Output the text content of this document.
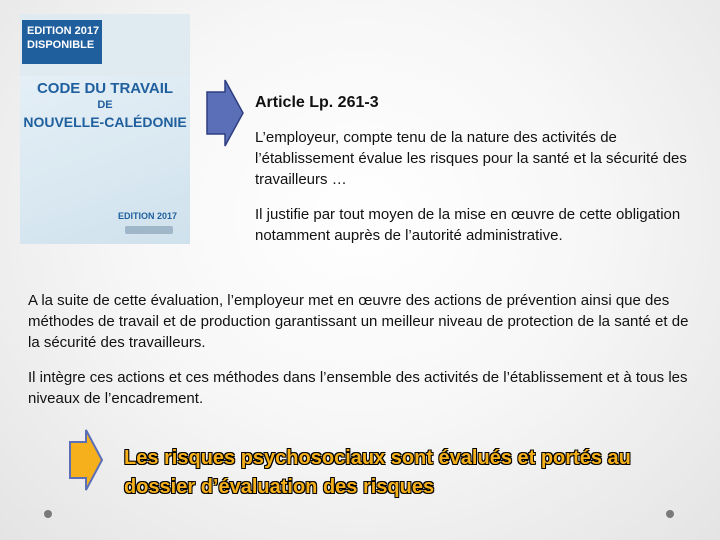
EDITION 2017
DISPONIBLE
CODE DU TRAVAIL
DE
NOUVELLE-CALÉDONIE
EDITION 2017
Article Lp. 261-3

L’employeur, compte tenu de la nature des activités de l’établissement évalue les risques pour la santé et la sécurité des travailleurs …

Il justifie par tout moyen de la mise en œuvre de cette obligation notamment auprès de l’autorité administrative.

A la suite de cette évaluation, l’employeur met en œuvre des actions de prévention ainsi que des méthodes de travail et de production garantissant un meilleur niveau de protection de la santé et de la sécurité des travailleurs.

Il intègre ces actions et ces méthodes dans l’ensemble des activités de l’établissement et à tous les niveaux de l’encadrement.

Les risques psychosociaux sont évalués et portés au dossier d’évaluation des risques
